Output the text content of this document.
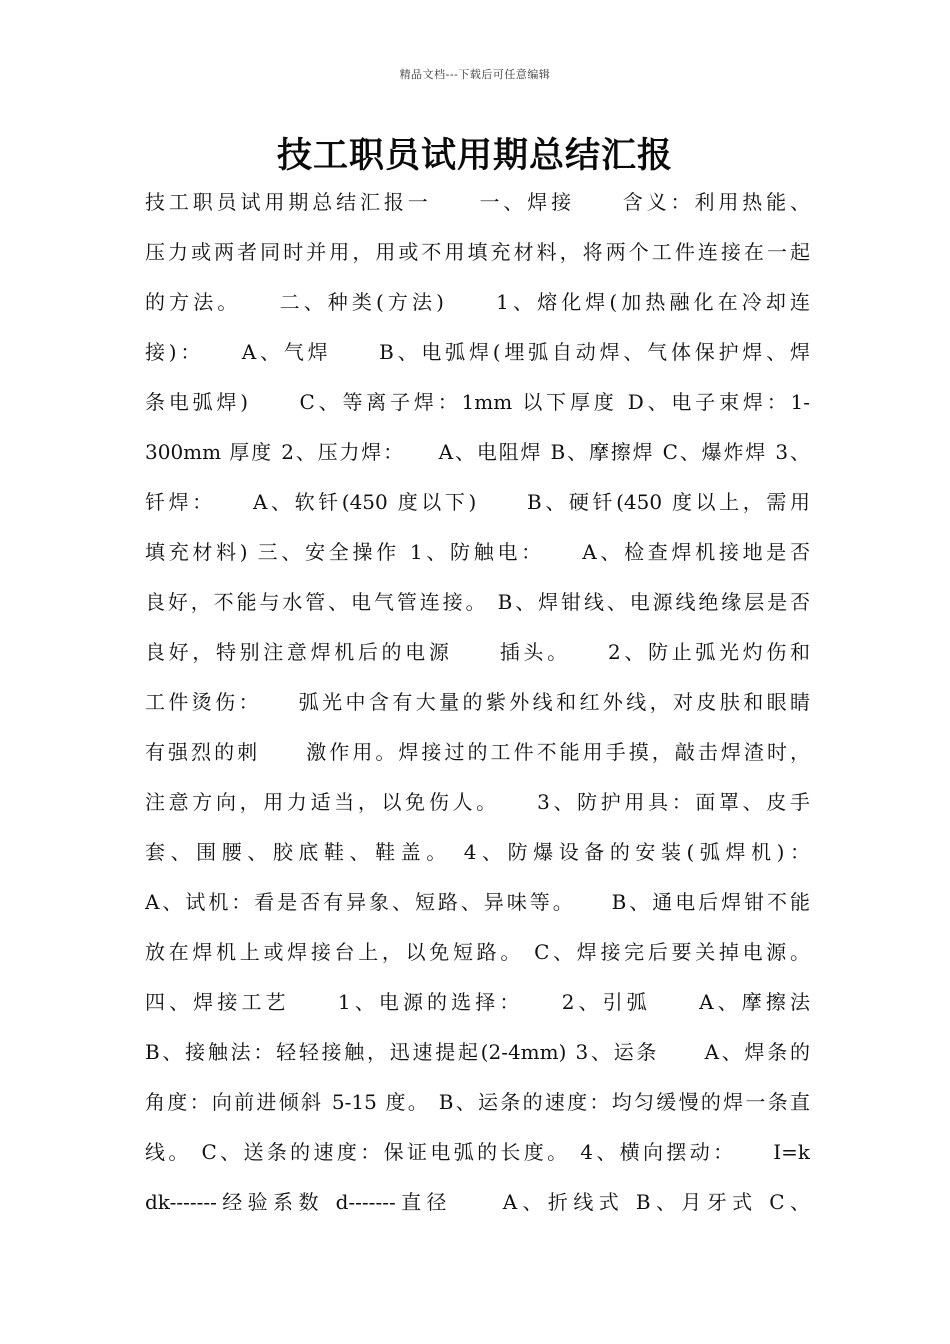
精品文档---下载后可任意编辑
技工职员试用期总结汇报
技工职员试用期总结汇报一　　一、焊接　　含义：利用热能、
压力或两者同时并用，用或不用填充材料，将两个工件连接在一起
的方法。　　二、种类(方法)　　1、熔化焊(加热融化在冷却连
接)：　　A、气焊　　B、电弧焊(埋弧自动焊、气体保护焊、焊
条电弧焊)　　C、等离子焊：1mm 以下厚度 D、电子束焊：1-
300mm 厚度 2、压力焊：　　A、电阻焊 B、摩擦焊 C、爆炸焊 3、
钎焊：　　A、软钎(450 度以下)　　B、硬钎(450 度以上，需用
填充材料) 三、安全操作 1、防触电：　　A、检查焊机接地是否
良好，不能与水管、电气管连接。 B、焊钳线、电源线绝缘层是否
良好，特别注意焊机后的电源　　插头。　　2、防止弧光灼伤和
工件烫伤：　　弧光中含有大量的紫外线和红外线，对皮肤和眼睛
有强烈的刺　　激作用。焊接过的工件不能用手摸，敲击焊渣时，
注意方向，用力适当，以免伤人。　　3、防护用具：面罩、皮手
套、围腰、胶底鞋、鞋盖。 4、防爆设备的安装(弧焊机)：
A、试机：看是否有异象、短路、异味等。　　B、通电后焊钳不能
放在焊机上或焊接台上，以免短路。 C、焊接完后要关掉电源。
四、焊接工艺　　1、电源的选择：　　2、引弧　　A、摩擦法
B、接触法：轻轻接触，迅速提起(2-4mm) 3、运条　　A、焊条的
角度：向前进倾斜 5-15 度。 B、运条的速度：均匀缓慢的焊一条直
线。 C、送条的速度：保证电弧的长度。 4、横向摆动：　　I=k
dk-------经验系数 d-------直径　　A、折线式 B、月牙式 C、
